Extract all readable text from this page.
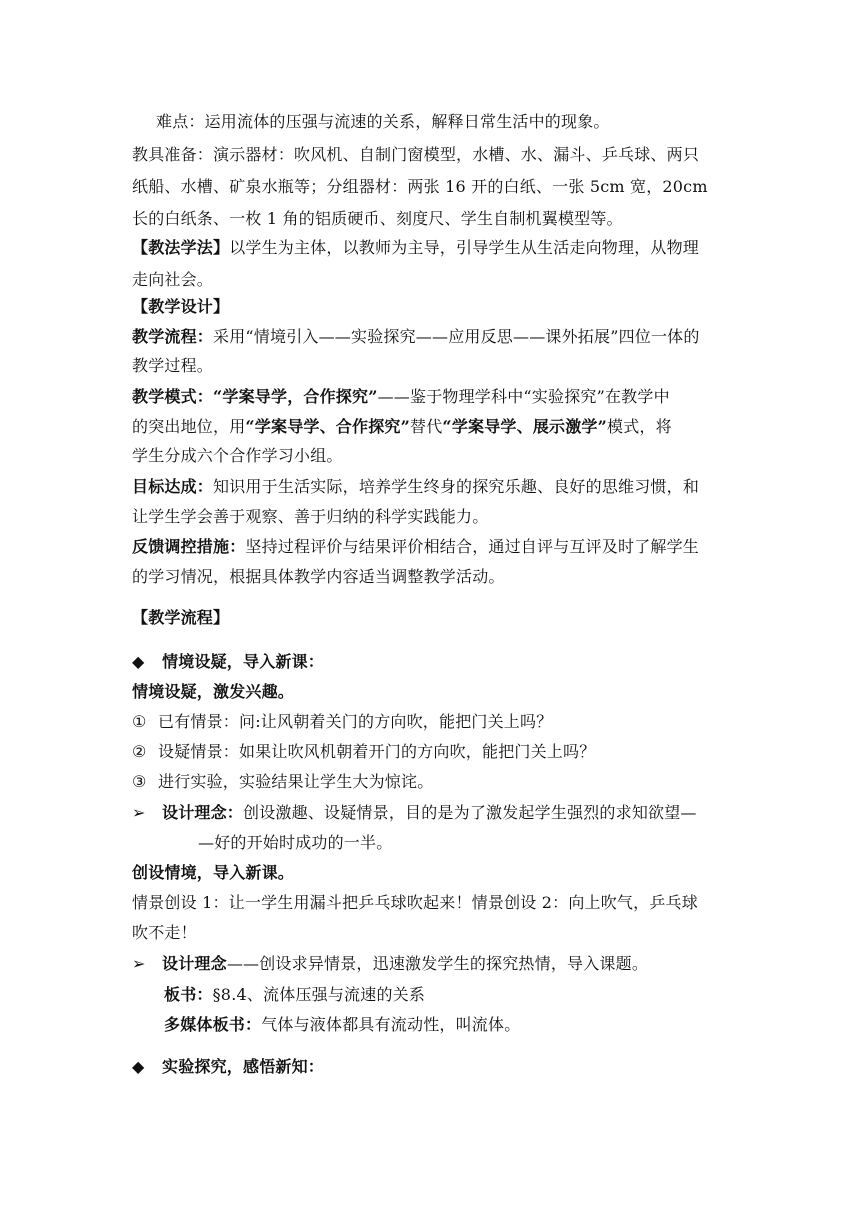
难点：运用流体的压强与流速的关系，解释日常生活中的现象。
教具准备：演示器材：吹风机、自制门窗模型，水槽、水、漏斗、乒乓球、两只
纸船、水槽、矿泉水瓶等；分组器材：两张 16 开的白纸、一张 5cm 宽，20cm
长的白纸条、一枚 1 角的铝质硬币、刻度尺、学生自制机翼模型等。
【教法学法】以学生为主体，以教师为主导，引导学生从生活走向物理，从物理
走向社会。
【教学设计】
教学流程：采用“情境引入——实验探究——应用反思——课外拓展”四位一体的
教学过程。
教学模式：“学案导学，合作探究”——鉴于物理学科中“实验探究”在教学中
的突出地位，用“学案导学、合作探究”替代“学案导学、展示激学”模式，将
学生分成六个合作学习小组。
目标达成：知识用于生活实际，培养学生终身的探究乐趣、良好的思维习惯，和
让学生学会善于观察、善于归纳的科学实践能力。
反馈调控措施：坚持过程评价与结果评价相结合，通过自评与互评及时了解学生
的学习情况，根据具体教学内容适当调整教学活动。
【教学流程】
◆ 情境设疑，导入新课：
情境设疑，激发兴趣。
① 已有情景：问:让风朝着关门的方向吹，能把门关上吗？
② 设疑情景：如果让吹风机朝着开门的方向吹，能把门关上吗？
③ 进行实验，实验结果让学生大为惊诧。
➢ 设计理念：创设激趣、设疑情景，目的是为了激发起学生强烈的求知欲望—
—好的开始时成功的一半。
创设情境，导入新课。
情景创设 1：让一学生用漏斗把乒乓球吹起来！情景创设 2：向上吹气，乒乓球
吹不走！
➢ 设计理念——创设求异情景，迅速激发学生的探究热情，导入课题。
板书：§8.4、流体压强与流速的关系
多媒体板书：气体与液体都具有流动性，叫流体。
◆ 实验探究，感悟新知：
